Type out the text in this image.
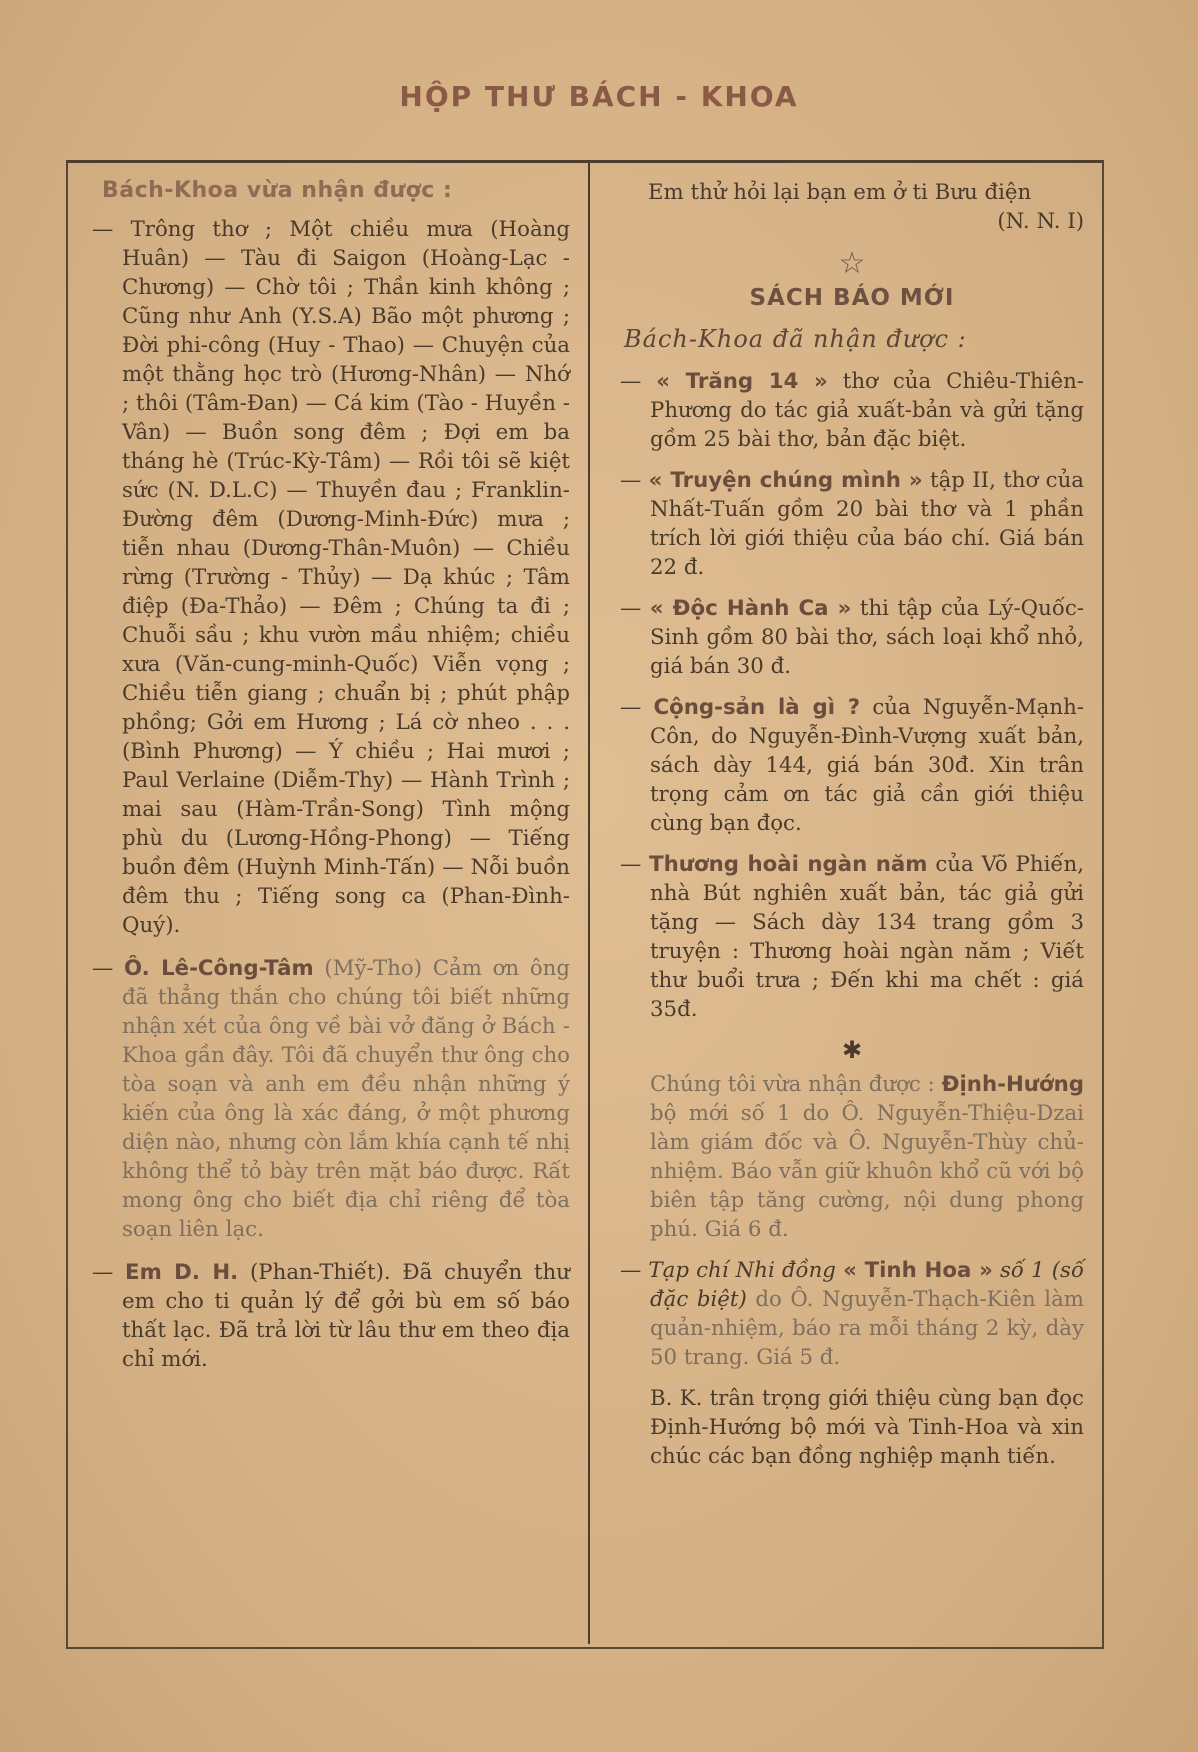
HỘP THƯ BÁCH - KHOA
Bách-Khoa vừa nhận được :

— Trông thơ ; Một chiều mưa (Hoàng Huân) — Tàu đi Saigon (Hoàng-Lạc - Chương) — Chờ tôi ; Thần kinh không ; Cũng như Anh (Y.S.A) Bão một phương ; Đời phi-công (Huy - Thao) — Chuyện của một thằng học trò (Hương-Nhân) — Nhớ ; thôi (Tâm-Đan) — Cá kim (Tào - Huyền - Vân) — Buồn song đêm ; Đợi em ba tháng hè (Trúc-Kỳ-Tâm) — Rồi tôi sẽ kiệt sức (N. D.L.C) — Thuyền đau ; Franklin-Đường đêm (Dương-Minh-Đức) mưa ; tiễn nhau (Dương-Thân-Muôn) — Chiều rừng (Trường - Thủy) — Dạ khúc ; Tâm điệp (Đa-Thảo) — Đêm ; Chúng ta đi ; Chuỗi sầu ; khu vườn mầu nhiệm; chiều xưa (Văn-cung-minh-Quốc) Viễn vọng ; Chiều tiễn giang ; chuẩn bị ; phút phập phồng; Gởi em Hương ; Lá cờ nheo . . . (Bình Phương) — Ý chiều ; Hai mươi ; Paul Verlaine (Diễm-Thy) — Hành Trình ; mai sau (Hàm-Trần-Song) Tình mộng phù du (Lương-Hồng-Phong) — Tiếng buồn đêm (Huỳnh Minh-Tấn) — Nỗi buồn đêm thu ; Tiếng song ca (Phan-Đình-Quý).

— Ô. Lê-Công-Tâm (Mỹ-Tho) Cảm ơn ông đã thẳng thắn cho chúng tôi biết những nhận xét của ông về bài vở đăng ở Bách - Khoa gần đây. Tôi đã chuyển thư ông cho tòa soạn và anh em đều nhận những ý kiến của ông là xác đáng, ở một phương diện nào, nhưng còn lắm khía cạnh tế nhị không thể tỏ bày trên mặt báo được. Rất mong ông cho biết địa chỉ riêng để tòa soạn liên lạc.

— Em D. H. (Phan-Thiết). Đã chuyển thư em cho ti quản lý để gởi bù em số báo thất lạc. Đã trả lời từ lâu thư em theo địa chỉ mới.

Em thử hỏi lại bạn em ở ti Bưu điện
(N. N. I)

☆
SÁCH BÁO MỚI
Bách-Khoa đã nhận được :

— « Trăng 14 » thơ của Chiêu-Thiên-Phương do tác giả xuất-bản và gửi tặng gồm 25 bài thơ, bản đặc biệt.

— « Truyện chúng mình » tập II, thơ của Nhất-Tuấn gồm 20 bài thơ và 1 phần trích lời giới thiệu của báo chí. Giá bán 22 đ.

— « Độc Hành Ca » thi tập của Lý-Quốc-Sinh gồm 80 bài thơ, sách loại khổ nhỏ, giá bán 30 đ.

— Cộng-sản là gì ? của Nguyễn-Mạnh-Côn, do Nguyễn-Đình-Vượng xuất bản, sách dày 144, giá bán 30đ. Xin trân trọng cảm ơn tác giả cần giới thiệu cùng bạn đọc.

— Thương hoài ngàn năm của Võ Phiến, nhà Bút nghiên xuất bản, tác giả gửi tặng — Sách dày 134 trang gồm 3 truyện : Thương hoài ngàn năm ; Viết thư buổi trưa ; Đến khi ma chết : giá 35đ.

✱

Chúng tôi vừa nhận được : Định-Hướng bộ mới số 1 do Ô. Nguyễn-Thiệu-Dzai làm giám đốc và Ô. Nguyễn-Thùy chủ-nhiệm. Báo vẫn giữ khuôn khổ cũ với bộ biên tập tăng cường, nội dung phong phú. Giá 6 đ.

— Tạp chí Nhi đồng « Tinh Hoa » số 1 (số đặc biệt) do Ô. Nguyễn-Thạch-Kiên làm quản-nhiệm, báo ra mỗi tháng 2 kỳ, dày 50 trang. Giá 5 đ.

B. K. trân trọng giới thiệu cùng bạn đọc Định-Hướng bộ mới và Tinh-Hoa và xin chúc các bạn đồng nghiệp mạnh tiến.
